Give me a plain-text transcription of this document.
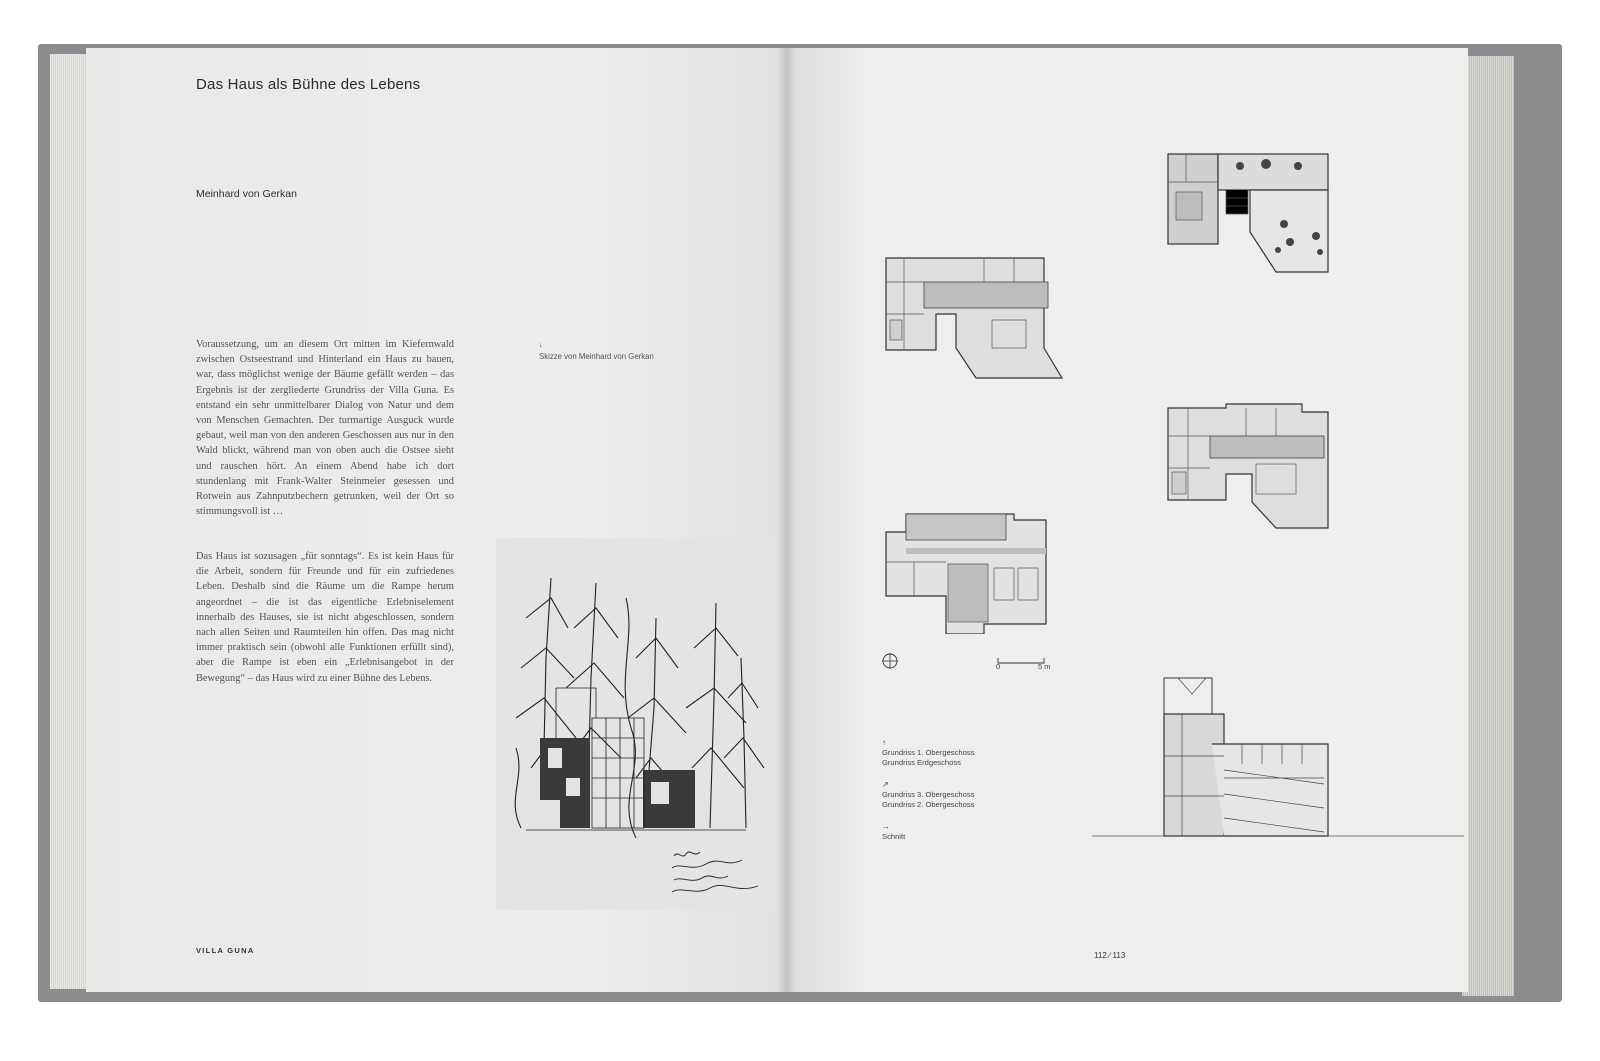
Das Haus als Bühne des Lebens
Meinhard von Gerkan
Voraussetzung, um an diesem Ort mitten im Kiefernwald zwischen Ostseestrand und Hinterland ein Haus zu bauen, war, dass möglichst wenige der Bäume gefällt werden – das Ergebnis ist der zergliederte Grundriss der Villa Guna. Es entstand ein sehr unmittelbarer Dialog von Natur und dem von Menschen Gemachten. Der turmartige Ausguck wurde gebaut, weil man von den anderen Geschossen aus nur in den Wald blickt, während man von oben auch die Ostsee sieht und rauschen hört. An einem Abend habe ich dort stundenlang mit Frank-Walter Steinmeier gesessen und Rotwein aus Zahnputzbechern getrunken, weil der Ort so stimmungsvoll ist …
Das Haus ist sozusagen „für sonntags“. Es ist kein Haus für die Arbeit, sondern für Freunde und für ein zufriedenes Leben. Deshalb sind die Räume um die Rampe herum angeordnet – die ist das eigentliche Erlebniselement innerhalb des Hauses, sie ist nicht abgeschlossen, sondern nach allen Seiten und Raumteilen hin offen. Das mag nicht immer praktisch sein (obwohl alle Funktionen erfüllt sind), aber die Rampe ist eben ein „Erlebnisangebot in der Bewegung“ – das Haus wird zu einer Bühne des Lebens.
↓
Skizze von Meinhard von Gerkan
VILLA GUNA
0	5 m
↑
Grundriss 1. Obergeschoss
Grundriss Erdgeschoss
↗
Grundriss 3. Obergeschoss
Grundriss 2. Obergeschoss
→
Schnitt
112 ∕ 113
